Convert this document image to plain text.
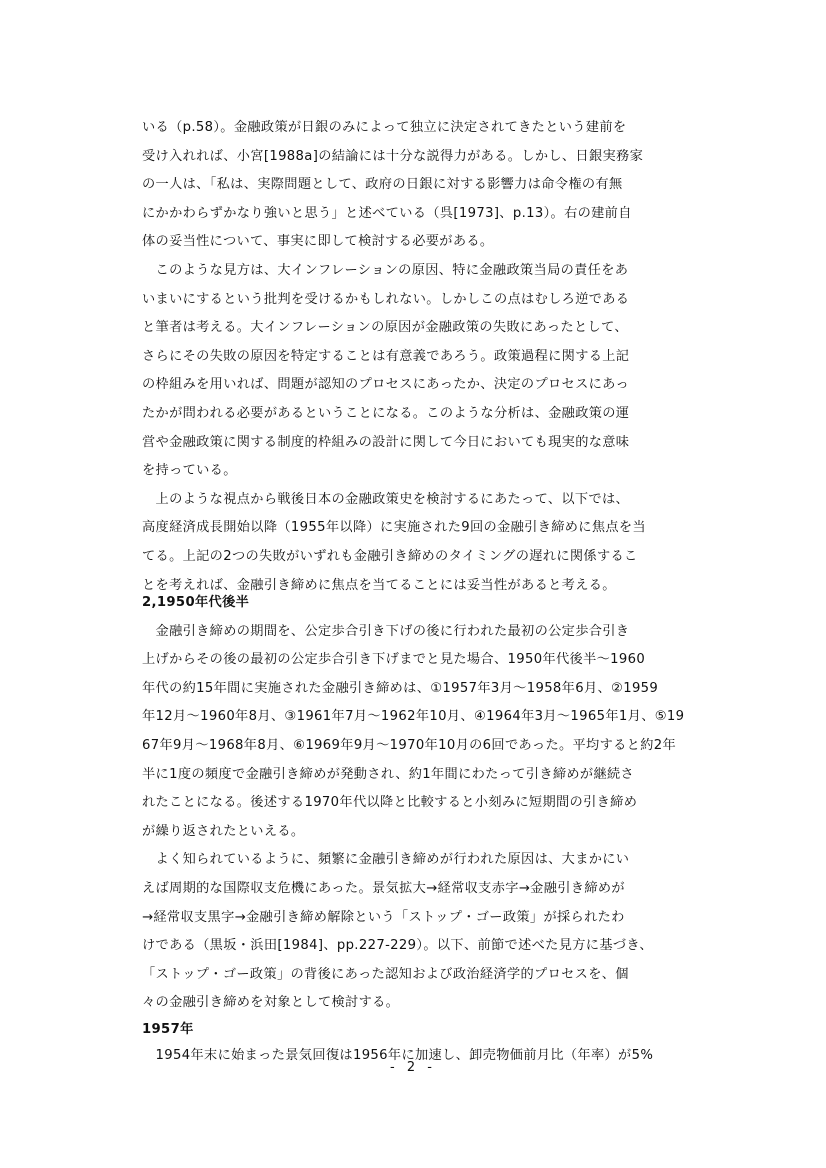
いる（p.58）。金融政策が日銀のみによって独立に決定されてきたという建前を
受け入れれば、小宮[1988a]の結論には十分な説得力がある。しかし、日銀実務家
の一人は、「私は、実際問題として、政府の日銀に対する影響力は命令権の有無
にかかわらずかなり強いと思う」と述べている（呉[1973]、p.13）。右の建前自
体の妥当性について、事実に即して検討する必要がある。
　このような見方は、大インフレーションの原因、特に金融政策当局の責任をあ
いまいにするという批判を受けるかもしれない。しかしこの点はむしろ逆である
と筆者は考える。大インフレーションの原因が金融政策の失敗にあったとして、
さらにその失敗の原因を特定することは有意義であろう。政策過程に関する上記
の枠組みを用いれば、問題が認知のプロセスにあったか、決定のプロセスにあっ
たかが問われる必要があるということになる。このような分析は、金融政策の運
営や金融政策に関する制度的枠組みの設計に関して今日においても現実的な意味
を持っている。
　上のような視点から戦後日本の金融政策史を検討するにあたって、以下では、
高度経済成長開始以降（1955年以降）に実施された9回の金融引き締めに焦点を当
てる。上記の2つの失敗がいずれも金融引き締めのタイミングの遅れに関係するこ
とを考えれば、金融引き締めに焦点を当てることには妥当性があると考える。
2,1950年代後半
　金融引き締めの期間を、公定歩合引き下げの後に行われた最初の公定歩合引き
上げからその後の最初の公定歩合引き下げまでと見た場合、1950年代後半～1960
年代の約15年間に実施された金融引き締めは、①1957年3月～1958年6月、②1959
年12月～1960年8月、③1961年7月～1962年10月、④1964年3月～1965年1月、⑤19
67年9月～1968年8月、⑥1969年9月～1970年10月の6回であった。平均すると約2年
半に1度の頻度で金融引き締めが発動され、約1年間にわたって引き締めが継続さ
れたことになる。後述する1970年代以降と比較すると小刻みに短期間の引き締め
が繰り返されたといえる。
　よく知られているように、頻繁に金融引き締めが行われた原因は、大まかにい
えば周期的な国際収支危機にあった。景気拡大→経常収支赤字→金融引き締めが
→経常収支黒字→金融引き締め解除という「ストップ・ゴー政策」が採られたわ
けである（黒坂・浜田[1984]、pp.227-229）。以下、前節で述べた見方に基づき、
「ストップ・ゴー政策」の背後にあった認知および政治経済学的プロセスを、個
々の金融引き締めを対象として検討する。
1957年
　1954年末に始まった景気回復は1956年に加速し、卸売物価前月比（年率）が5%
- 2 -
